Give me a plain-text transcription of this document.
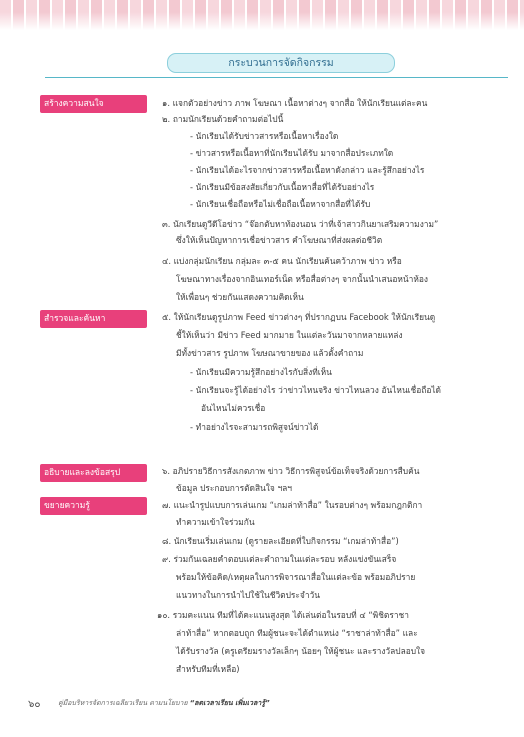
กระบวนการจัดกิจกรรม
สร้างความสนใจ
สำรวจและค้นหา
อธิบายและลงข้อสรุป
ขยายความรู้
๑. แจกตัวอย่างข่าว ภาพ โฆษณา เนื้อหาต่างๆ จากสื่อ ให้นักเรียนแต่ละคน
๒. ถามนักเรียนด้วยคำถามต่อไปนี้
- นักเรียนได้รับข่าวสารหรือเนื้อหาเรื่องใด
- ข่าวสารหรือเนื้อหาที่นักเรียนได้รับ มาจากสื่อประเภทใด
- นักเรียนได้อะไรจากข่าวสารหรือเนื้อหาดังกล่าว และรู้สึกอย่างไร
- นักเรียนมีข้อสงสัยเกี่ยวกับเนื้อหาสื่อที่ได้รับอย่างไร
- นักเรียนเชื่อถือหรือไม่เชื่อถือเนื้อหาจากสื่อที่ได้รับ
๓. นักเรียนดูวีดีโอข่าว “จ๊อกตับหาท้องนอน ว่าที่เจ้าสาวกินยาเสริมความงาม”
ซึ่งให้เห็นปัญหาการเชื่อข่าวสาร คำโฆษณาที่ส่งผลต่อชีวิต
๔. แบ่งกลุ่มนักเรียน กลุ่มละ ๓-๕ คน นักเรียนค้นคว้าภาพ ข่าว หรือ
โฆษณาทางเรื่องจากอินเทอร์เน็ต หรือสื่อต่างๆ จากนั้นนำเสนอหน้าห้อง
ให้เพื่อนๆ ช่วยกันแสดงความคิดเห็น
๕. ให้นักเรียนดูรูปภาพ Feed ข่าวต่างๆ ที่ปรากฏบน Facebook ให้นักเรียนดู
ชี้ให้เห็นว่า มีข่าว Feed มากมาย ในแต่ละวันมาจากหลายแหล่ง
มีทั้งข่าวสาร รูปภาพ โฆษณาขายของ แล้วตั้งคำถาม
- นักเรียนมีความรู้สึกอย่างไรกับสิ่งที่เห็น
- นักเรียนจะรู้ได้อย่างไร ว่าข่าวไหนจริง ข่าวไหนลวง อันไหนเชื่อถือได้
อันไหนไม่ควรเชื่อ
- ทำอย่างไรจะสามารถพิสูจน์ข่าวได้
๖. อภิปรายวิธีการสังเกตภาพ ข่าว วิธีการพิสูจน์ข้อเท็จจริงด้วยการสืบค้น
ข้อมูล ประกอบการตัดสินใจ ฯลฯ
๗. แนะนำรูปแบบการเล่นเกม “เกมล่าท้าสื่อ” ในรอบต่างๆ พร้อมกฎกติกา
ทำความเข้าใจร่วมกัน
๘. นักเรียนเริ่มเล่นเกม (ดูรายละเอียดที่ใบกิจกรรม “เกมล่าท้าสื่อ”)
๙. ร่วมกันเฉลยคำตอบแต่ละคำถามในแต่ละรอบ หลังแข่งขันเสร็จ
พร้อมให้ข้อคิด/เหตุผลในการพิจารณาสื่อในแต่ละข้อ พร้อมอภิปราย
แนวทางในการนำไปใช้ในชีวิตประจำวัน
๑๐. รวมคะแนน ทีมที่ได้คะแนนสูงสุด ได้เล่นต่อในรอบที่ ๔ “พิชิตราชา
ล่าท้าสื่อ” หากตอบถูก ทีมผู้ชนะจะได้ตำแหน่ง “ราชาล่าท้าสื่อ” และ
ได้รับรางวัล (ครูเตรียมรางวัลเล็กๆ น้อยๆ ให้ผู้ชนะ และรางวัลปลอบใจ
สำหรับทีมที่เหลือ)
๖๐	คู่มือบริหารจัดการเฉลียวเรียน ตามนโยบาย “ลดเวลาเรียน เพิ่มเวลารู้”
